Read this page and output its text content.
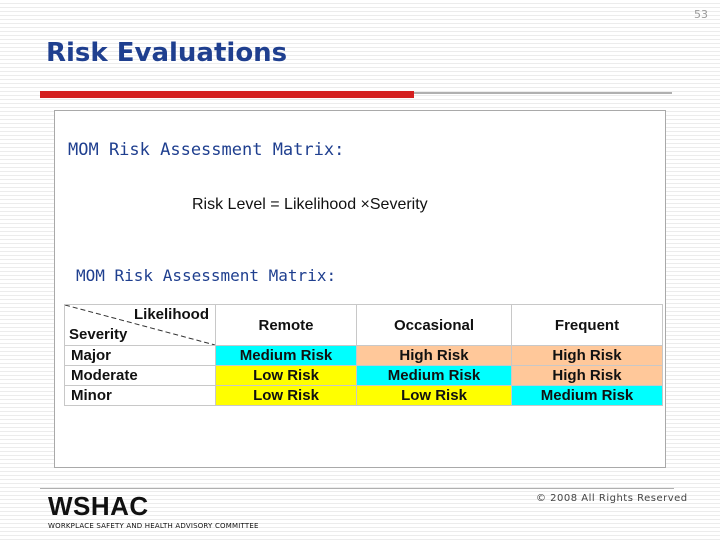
53
Risk Evaluations
MOM Risk Assessment Matrix:
Risk Level = Likelihood ×Severity
MOM Risk Assessment Matrix:
Likelihood
Severity	Remote	Occasional	Frequent
Major	Medium Risk	High Risk	High Risk
Moderate	Low Risk	Medium Risk	High Risk
Minor	Low Risk	Low Risk	Medium Risk
© 2008 All Rights Reserved
WSHAC
WORKPLACE SAFETY AND HEALTH ADVISORY COMMITTEE
